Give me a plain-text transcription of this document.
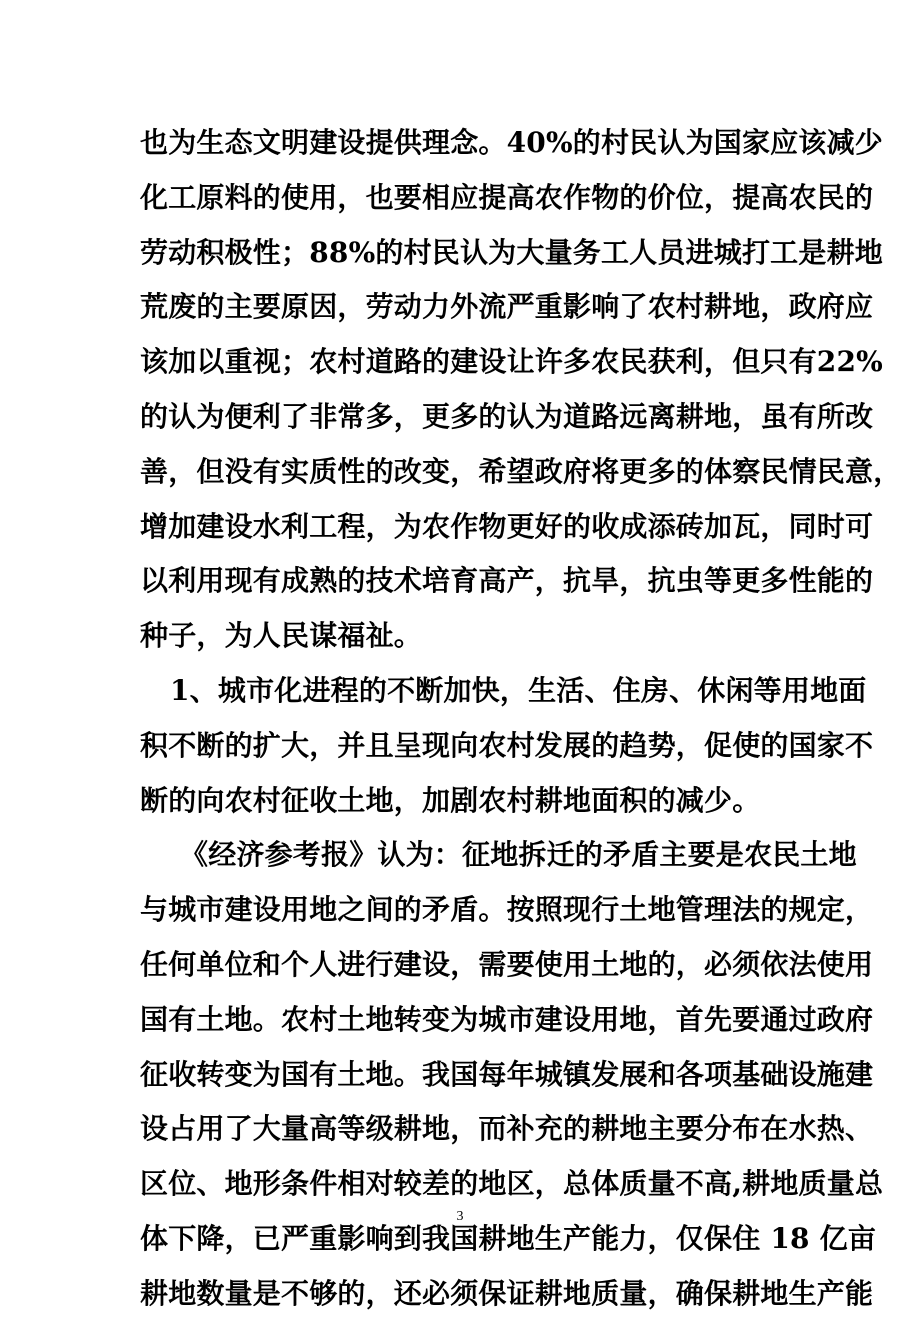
也为生态文明建设提供理念。40%的村民认为国家应该减少
化工原料的使用，也要相应提高农作物的价位，提高农民的
劳动积极性；88%的村民认为大量务工人员进城打工是耕地
荒废的主要原因，劳动力外流严重影响了农村耕地，政府应
该加以重视；农村道路的建设让许多农民获利，但只有22%
的认为便利了非常多，更多的认为道路远离耕地，虽有所改
善，但没有实质性的改变，希望政府将更多的体察民情民意，
增加建设水利工程，为农作物更好的收成添砖加瓦，同时可
以利用现有成熟的技术培育高产，抗旱，抗虫等更多性能的
种子，为人民谋福祉。
1、城市化进程的不断加快，生活、住房、休闲等用地面
积不断的扩大，并且呈现向农村发展的趋势，促使的国家不
断的向农村征收土地，加剧农村耕地面积的减少。
《经济参考报》认为：征地拆迁的矛盾主要是农民土地
与城市建设用地之间的矛盾。按照现行土地管理法的规定，
任何单位和个人进行建设，需要使用土地的，必须依法使用
国有土地。农村土地转变为城市建设用地，首先要通过政府
征收转变为国有土地。我国每年城镇发展和各项基础设施建
设占用了大量高等级耕地，而补充的耕地主要分布在水热、
区位、地形条件相对较差的地区，总体质量不高,耕地质量总
体下降，已严重影响到我国耕地生产能力，仅保住 18 亿亩
耕地数量是不够的，还必须保证耕地质量，确保耕地生产能
3
